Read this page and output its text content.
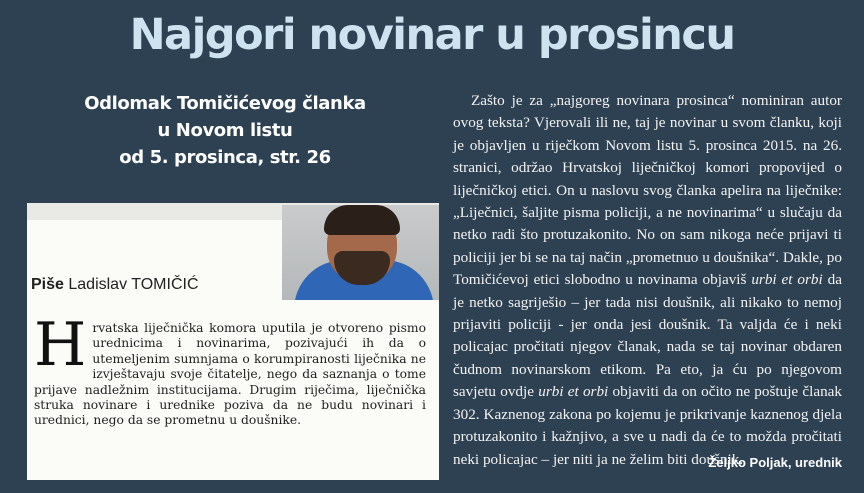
Najgori novinar u prosincu
Odlomak Tomičićevog članka
u Novom listu
od 5. prosinca, str. 26
Piše Ladislav TOMIČIĆ
H rvatska liječnička komora uputila je otvoreno pismo urednicima i novinarima, pozivajući ih da o utemeljenim sumnjama o korumpiranosti liječnika ne izvještavaju svoje čitatelje, nego da saznanja o tome prijave nadležnim institucijama. Drugim riječima, liječnička struka novinare i urednike poziva da ne budu novinari i urednici, nego da se prometnu u doušnike.
Zašto je za „najgoreg novinara prosinca“ nominiran autor ovog teksta? Vjerovali ili ne, taj je novinar u svom članku, koji je objavljen u riječkom Novom listu 5. prosinca 2015. na 26. stranici, održao Hrvatskoj liječničkoj komori propovijed o liječničkoj etici. On u naslovu svog članka apelira na liječnike: „Liječnici, šaljite pisma policiji, a ne novinarima“ u slučaju da netko radi što protuzakonito. No on sam nikoga neće prijavi ti policiji jer bi se na taj način „prometnuo u doušnika“. Dakle, po Tomičićevoj etici slobodno u novinama objaviš urbi et orbi da je netko sagriješio – jer tada nisi doušnik, ali nikako to nemoj prijaviti policiji - jer onda jesi doušnik. Ta valjda će i neki policajac pročitati njegov članak, nada se taj novinar obdaren čudnom novinarskom etikom. Pa eto, ja ću po njegovom savjetu ovdje urbi et orbi objaviti da on očito ne poštuje članak 302. Kaznenog zakona po kojemu je prikrivanje kaznenog djela protuzakonito i kažnjivo, a sve u nadi da će to možda pročitati neki policajac – jer niti ja ne želim biti doušnik.
Željko Poljak, urednik
